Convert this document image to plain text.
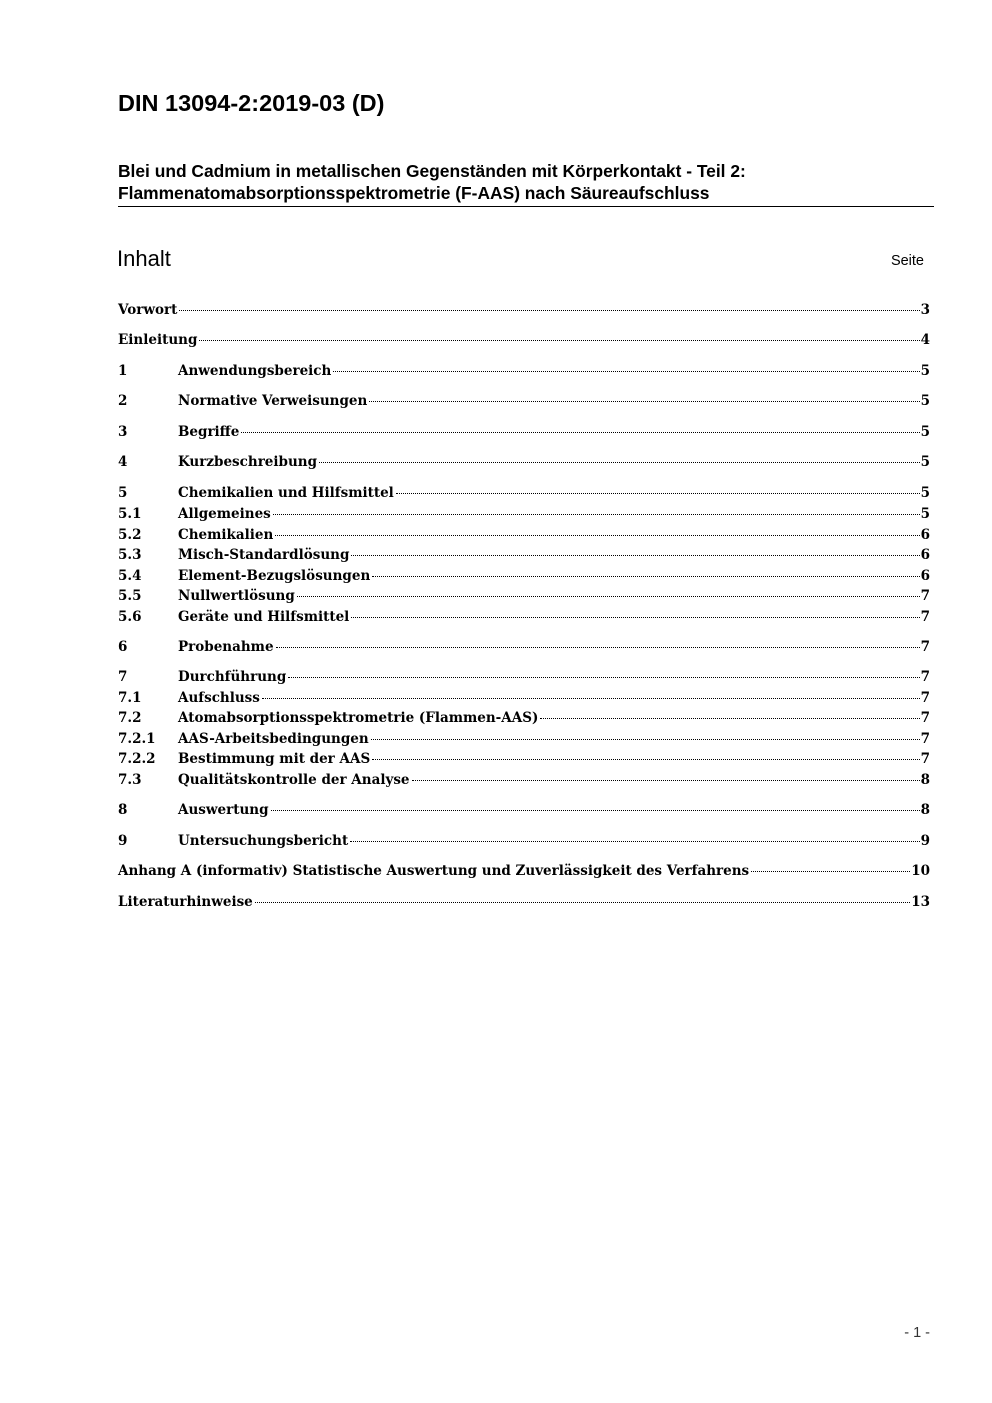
DIN 13094-2:2019-03 (D)
Blei und Cadmium in metallischen Gegenständen mit Körperkontakt - Teil 2:
Flammenatomabsorptionsspektrometrie (F-AAS) nach Säureaufschluss
Inhalt	Seite
Vorwort	3
Einleitung	4
1	Anwendungsbereich	5
2	Normative Verweisungen	5
3	Begriffe	5
4	Kurzbeschreibung	5
5	Chemikalien und Hilfsmittel	5
5.1	Allgemeines	5
5.2	Chemikalien	6
5.3	Misch-Standardlösung	6
5.4	Element-Bezugslösungen	6
5.5	Nullwertlösung	7
5.6	Geräte und Hilfsmittel	7
6	Probenahme	7
7	Durchführung	7
7.1	Aufschluss	7
7.2	Atomabsorptionsspektrometrie (Flammen-AAS)	7
7.2.1	AAS-Arbeitsbedingungen	7
7.2.2	Bestimmung mit der AAS	7
7.3	Qualitätskontrolle der Analyse	8
8	Auswertung	8
9	Untersuchungsbericht	9
Anhang A (informativ) Statistische Auswertung und Zuverlässigkeit des Verfahrens	10
Literaturhinweise	13
- 1 -
